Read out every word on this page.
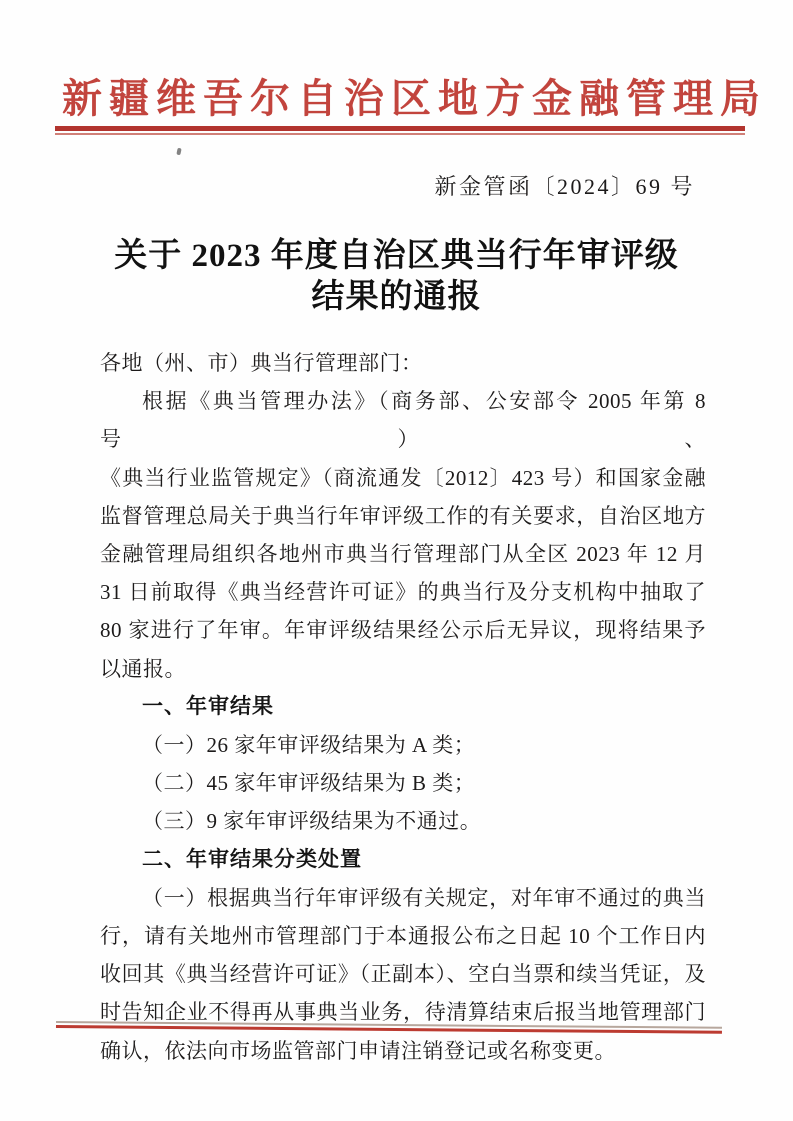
新疆维吾尔自治区地方金融管理局
新金管函〔2024〕69 号
关于 2023 年度自治区典当行年审评级
结果的通报
各地（州、市）典当行管理部门：
根据《典当管理办法》（商务部、公安部令 2005 年第 8 号）、
《典当行业监管规定》（商流通发〔2012〕423 号）和国家金融
监督管理总局关于典当行年审评级工作的有关要求，自治区地方
金融管理局组织各地州市典当行管理部门从全区 2023 年 12 月
31 日前取得《典当经营许可证》的典当行及分支机构中抽取了
80 家进行了年审。年审评级结果经公示后无异议，现将结果予
以通报。
一、年审结果
（一）26 家年审评级结果为 A 类；
（二）45 家年审评级结果为 B 类；
（三）9 家年审评级结果为不通过。
二、年审结果分类处置
（一）根据典当行年审评级有关规定，对年审不通过的典当
行，请有关地州市管理部门于本通报公布之日起 10 个工作日内
收回其《典当经营许可证》（正副本）、空白当票和续当凭证，及
时告知企业不得再从事典当业务，待清算结束后报当地管理部门
确认，依法向市场监管部门申请注销登记或名称变更。
